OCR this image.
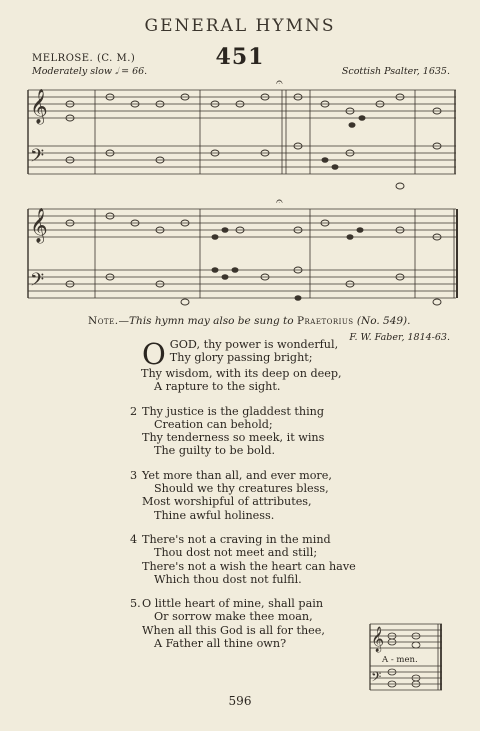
GENERAL HYMNS
MELROSE. (C. M.)
Moderately slow 𝅗𝅥 = 66.
451
Scottish Psalter, 1635.
𝄞
𝄢
𝄞
𝄢
𝄐
𝄐
Note.—This hymn may also be sung to Praetorius (No. 549).
F. W. Faber, 1814-63.
O GOD, thy power is wonderful,
Thy glory passing bright;
Thy wisdom, with its deep on deep,
A rapture to the sight.
2 Thy justice is the gladdest thing
Creation can behold;
Thy tenderness so meek, it wins
The guilty to be bold.
3 Yet more than all, and ever more,
Should we thy creatures bless,
Most worshipful of attributes,
Thine awful holiness.
4 There's not a craving in the mind
Thou dost not meet and still;
There's not a wish the heart can have
Which thou dost not fulfil.
5. O little heart of mine, shall pain
Or sorrow make thee moan,
When all this God is all for thee,
A Father all thine own?	𝄞
𝄢
A - men.
596
